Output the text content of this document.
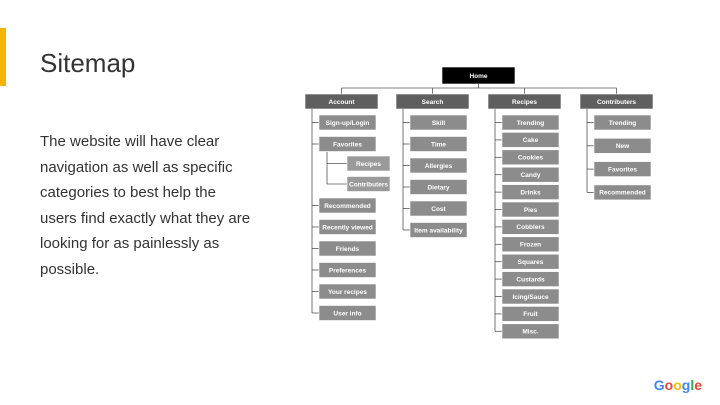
Sitemap
The website will have clear navigation as well as specific categories to best help the users find exactly what they are looking for as painlessly as possible.
Home
Account
Sign-up/Login
Favorites
Recipes
Contributers
Recommended
Recently viewed
Friends
Preferences
Your recipes
User info
Search
Skill
Time
Allergies
Dietary
Cost
Item availability
Recipes
Trending
Cake
Cookies
Candy
Drinks
Pies
Cobblers
Frozen
Squares
Custards
Icing/Sauce
Fruit
Misc.
Contributers
Trending
New
Favorites
Recommended
Google
